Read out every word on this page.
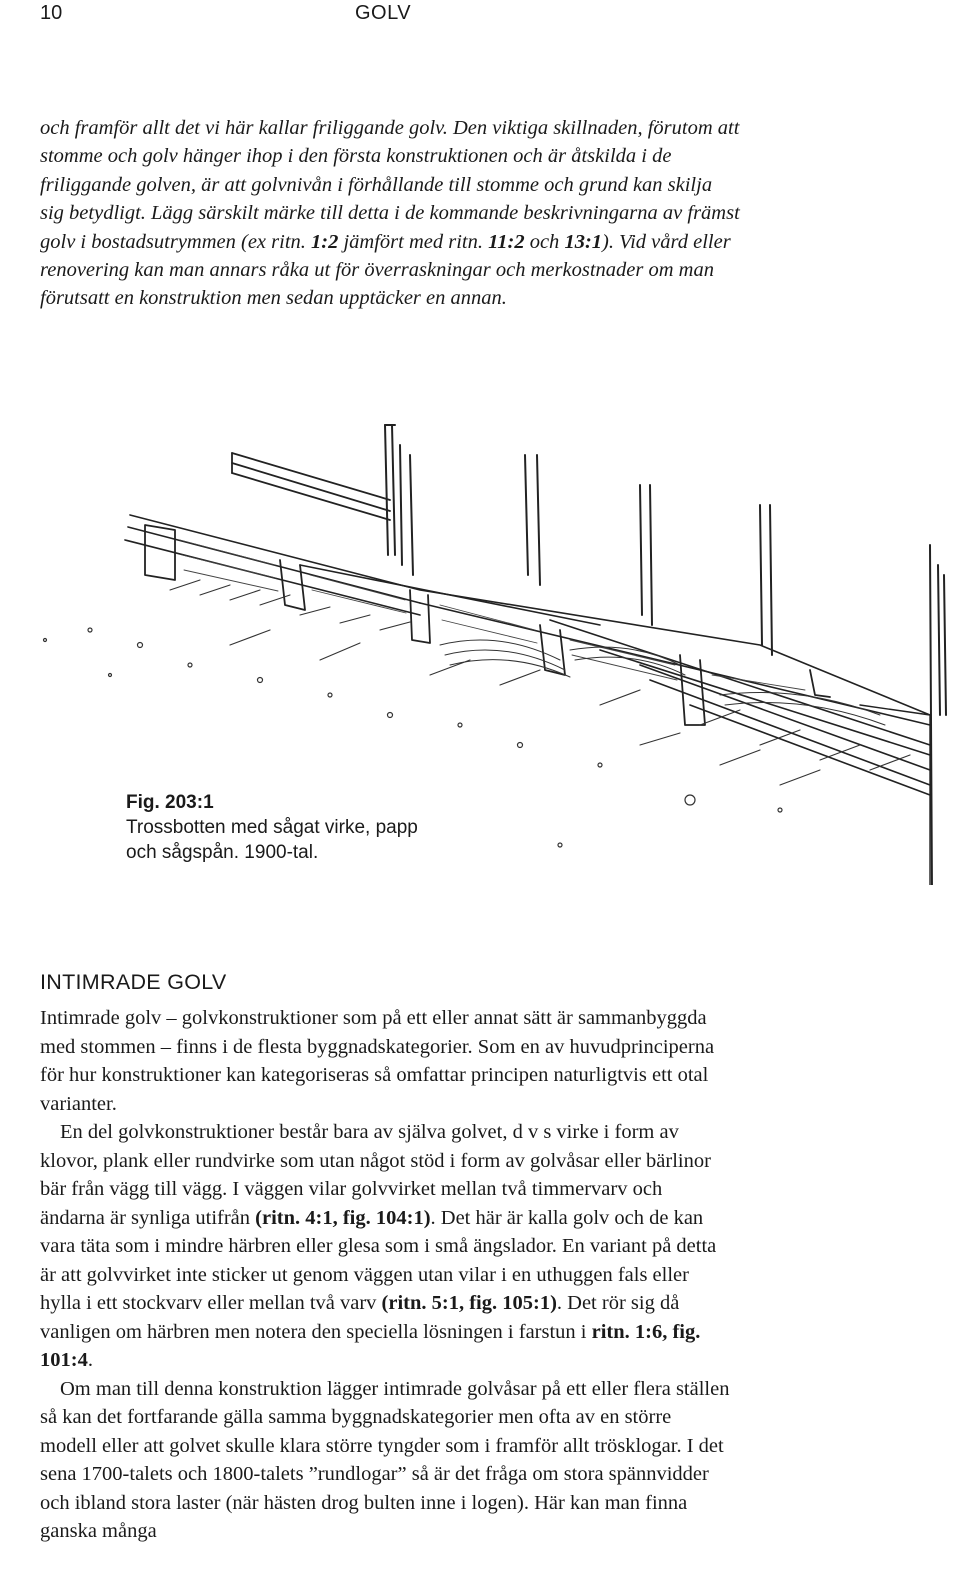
10	GOLV
och framför allt det vi här kallar friliggande golv. Den viktiga skillnaden, förutom att stomme och golv hänger ihop i den första konstruktionen och är åtskilda i de friliggande golven, är att golvnivån i förhållande till stomme och grund kan skilja sig betydligt. Lägg särskilt märke till detta i de kommande beskrivningarna av främst golv i bostadsutrymmen (ex ritn. 1:2 jämfört med ritn. 11:2 och 13:1). Vid vård eller renovering kan man annars råka ut för överraskningar och merkostnader om man förutsatt en konstruktion men sedan upptäcker en annan.
Fig. 203:1
Trossbotten med sågat virke, papp
och sågspån. 1900-tal.
INTIMRADE GOLV

Intimrade golv – golvkonstruktioner som på ett eller annat sätt är sammanbyggda med stommen – finns i de flesta byggnadskategorier. Som en av huvudprinciperna för hur konstruktioner kan kategoriseras så omfattar principen naturligtvis ett otal varianter.

En del golvkonstruktioner består bara av själva golvet, d v s virke i form av klovor, plank eller rundvirke som utan något stöd i form av golvåsar eller bärlinor bär från vägg till vägg. I väggen vilar golvvirket mellan två timmervarv och ändarna är synliga utifrån (ritn. 4:1, fig. 104:1). Det här är kalla golv och de kan vara täta som i mindre härbren eller glesa som i små ängslador. En variant på detta är att golvvirket inte sticker ut genom väggen utan vilar i en uthuggen fals eller hylla i ett stockvarv eller mellan två varv (ritn. 5:1, fig. 105:1). Det rör sig då vanligen om härbren men notera den speciella lösningen i farstun i ritn. 1:6, fig. 101:4.

Om man till denna konstruktion lägger intimrade golvåsar på ett eller flera ställen så kan det fortfarande gälla samma byggnadskategorier men ofta av en större modell eller att golvet skulle klara större tyngder som i framför allt trösklogar. I det sena 1700-talets och 1800-talets ”rundlogar” så är det fråga om stora spännvidder och ibland stora laster (när hästen drog bulten inne i logen). Här kan man finna ganska många
